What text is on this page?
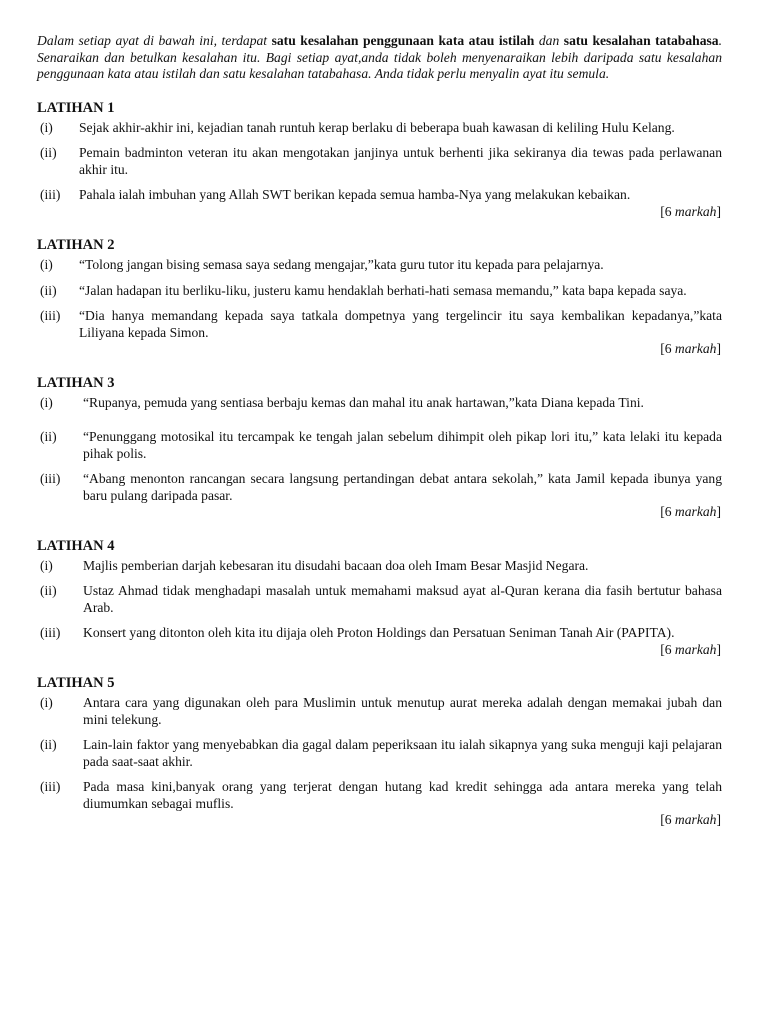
Dalam setiap ayat di bawah ini, terdapat satu kesalahan penggunaan kata atau istilah dan satu kesalahan tatabahasa. Senaraikan dan betulkan kesalahan itu. Bagi setiap ayat,anda tidak boleh menyenaraikan lebih daripada satu kesalahan penggunaan kata atau istilah dan satu kesalahan tatabahasa. Anda tidak perlu menyalin ayat itu semula.

LATIHAN 1
(i)	Sejak akhir-akhir ini, kejadian tanah runtuh kerap berlaku di beberapa buah kawasan di keliling Hulu Kelang.
(ii)	Pemain badminton veteran itu akan mengotakan janjinya untuk berhenti jika sekiranya dia tewas pada perlawanan akhir itu.
(iii)	Pahala ialah imbuhan yang Allah SWT berikan kepada semua hamba-Nya yang melakukan kebaikan.
[6 markah]
LATIHAN 2
(i)	“Tolong jangan bising semasa saya sedang mengajar,”kata guru tutor itu kepada para pelajarnya.
(ii)	“Jalan hadapan itu berliku-liku, justeru kamu hendaklah berhati-hati semasa memandu,” kata bapa kepada saya.
(iii)	“Dia hanya memandang kepada saya tatkala dompetnya yang tergelincir itu saya kembalikan kepadanya,”kata Liliyana kepada Simon.
[6 markah]
LATIHAN 3
(i)	“Rupanya, pemuda yang sentiasa berbaju kemas dan mahal itu anak hartawan,”kata Diana kepada Tini.
(ii)	“Penunggang motosikal itu tercampak ke tengah jalan sebelum dihimpit oleh pikap lori itu,” kata lelaki itu kepada pihak polis.
(iii)	“Abang menonton rancangan secara langsung pertandingan debat antara sekolah,” kata Jamil kepada ibunya yang baru pulang daripada pasar.
[6 markah]
LATIHAN 4
(i)	Majlis pemberian darjah kebesaran itu disudahi bacaan doa oleh Imam Besar Masjid Negara.
(ii)	Ustaz Ahmad tidak menghadapi masalah untuk memahami maksud ayat al-Quran kerana dia fasih bertutur bahasa Arab.
(iii)	Konsert yang ditonton oleh kita itu dijaja oleh Proton Holdings dan Persatuan Seniman Tanah Air (PAPITA).
[6 markah]
LATIHAN 5
(i)	Antara cara yang digunakan oleh para Muslimin untuk menutup aurat mereka adalah dengan memakai jubah dan mini telekung.
(ii)	Lain-lain faktor yang menyebabkan dia gagal dalam peperiksaan itu ialah sikapnya yang suka menguji kaji pelajaran pada saat-saat akhir.
(iii)	Pada masa kini,banyak orang yang terjerat dengan hutang kad kredit sehingga ada antara mereka yang telah diumumkan sebagai muflis.
[6 markah]
